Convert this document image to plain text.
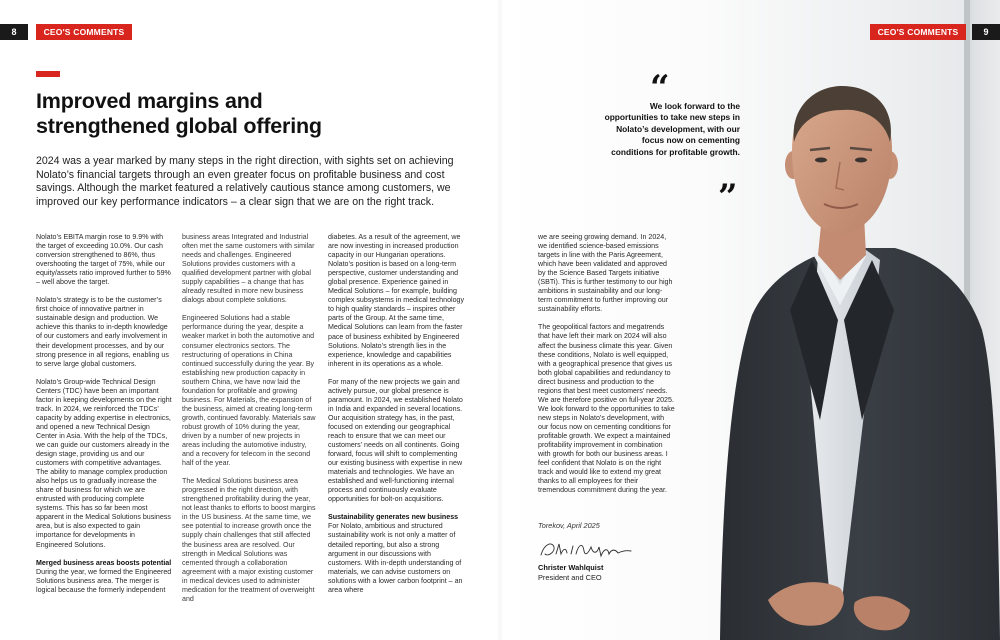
8	CEO'S COMMENTS	CEO'S COMMENTS	9
Improved margins and
strengthened global offering

2024 was a year marked by many steps in the right direction, with sights set on achieving Nolato’s financial targets through an even greater focus on profitable business and cost savings. Although the market featured a relatively cautious stance among customers, we improved our key performance indicators – a clear sign that we are on the right track.

Nolato’s EBITA margin rose to 9.9% with the target of exceeding 10.0%. Our cash conversion strengthened to 86%, thus overshooting the target of 75%, while our equity/assets ratio improved further to 59% – well above the target.

Nolato’s strategy is to be the customer’s first choice of innovative partner in sustainable design and production. We achieve this thanks to in-depth knowledge of our customers and early involvement in their development processes, and by our strong presence in all regions, enabling us to serve large global customers.

Nolato’s Group-wide Technical Design Centers (TDC) have been an important factor in keeping developments on the right track. In 2024, we reinforced the TDCs’ capacity by adding expertise in electronics, and opened a new Technical Design Center in Asia. With the help of the TDCs, we can guide our customers already in the design stage, providing us and our customers with competitive advantages. The ability to manage complex production also helps us to gradually increase the share of business for which we are entrusted with producing complete systems. This has so far been most apparent in the Medical Solutions business area, but is also expected to gain importance for developments in Engineered Solutions.

Merged business areas boosts potential
During the year, we formed the Engineered Solutions business area. The merger is logical because the formerly independent

business areas Integrated and Industrial often met the same customers with similar needs and challenges. Engineered Solutions provides customers with a qualified development partner with global supply capabilities – a change that has already resulted in more new business dialogs about complete solutions.

Engineered Solutions had a stable performance during the year, despite a weaker market in both the automotive and consumer electronics sectors. The restructuring of operations in China continued successfully during the year. By establishing new production capacity in southern China, we have now laid the foundation for profitable and growing business. For Materials, the expansion of the business, aimed at creating long-term growth, continued favorably. Materials saw robust growth of 10% during the year, driven by a number of new projects in areas including the automotive industry, and a recovery for telecom in the second half of the year.

The Medical Solutions business area progressed in the right direction, with strengthened profitability during the year, not least thanks to efforts to boost margins in the US business. At the same time, we see potential to increase growth once the supply chain challenges that still affected the business area are resolved. Our strength in Medical Solutions was cemented through a collaboration agreement with a major existing customer in medical devices used to administer medication for the treatment of overweight and

diabetes. As a result of the agreement, we are now investing in increased production capacity in our Hungarian operations. Nolato’s position is based on a long-term perspective, customer understanding and global presence. Experience gained in Medical Solutions – for example, building complex subsystems in medical technology to high quality standards – inspires other parts of the Group. At the same time, Medical Solutions can learn from the faster pace of business exhibited by Engineered Solutions. Nolato’s strength lies in the experience, knowledge and capabilities inherent in its operations as a whole.

For many of the new projects we gain and actively pursue, our global presence is paramount. In 2024, we established Nolato in India and expanded in several locations. Our acquisition strategy has, in the past, focused on extending our geographical reach to ensure that we can meet our customers’ needs on all continents. Going forward, focus will shift to complementing our existing business with expertise in new materials and technologies. We have an established and well-functioning internal process and continuously evaluate opportunities for bolt-on acquisitions.

Sustainability generates new business
For Nolato, ambitious and structured sustainability work is not only a matter of detailed reporting, but also a strong argument in our discussions with customers. With in-depth understanding of materials, we can advise customers on solutions with a lower carbon footprint – an area where

we are seeing growing demand. In 2024, we identified science-based emissions targets in line with the Paris Agreement, which have been validated and approved by the Science Based Targets initiative (SBTi). This is further testimony to our high ambitions in sustainability and our long-term commitment to further improving our sustainability efforts.

The geopolitical factors and megatrends that have left their mark on 2024 will also affect the business climate this year. Given these conditions, Nolato is well equipped, with a geographical presence that gives us both global capabilities and redundancy to direct business and production to the regions that best meet customers’ needs. We are therefore positive on full-year 2025. We look forward to the opportunities to take new steps in Nolato’s development, with our focus now on cementing conditions for profitable growth. We expect a maintained profitability improvement in combination with growth for both our business areas. I feel confident that Nolato is on the right track and would like to extend my great thanks to all employees for their tremendous commitment during the year.

Torekov, April 2025
Christer Wahlquist
President and CEO
“
We look forward to the opportunities to take new steps in Nolato’s development, with our focus now on cementing conditions for profitable growth.
”
